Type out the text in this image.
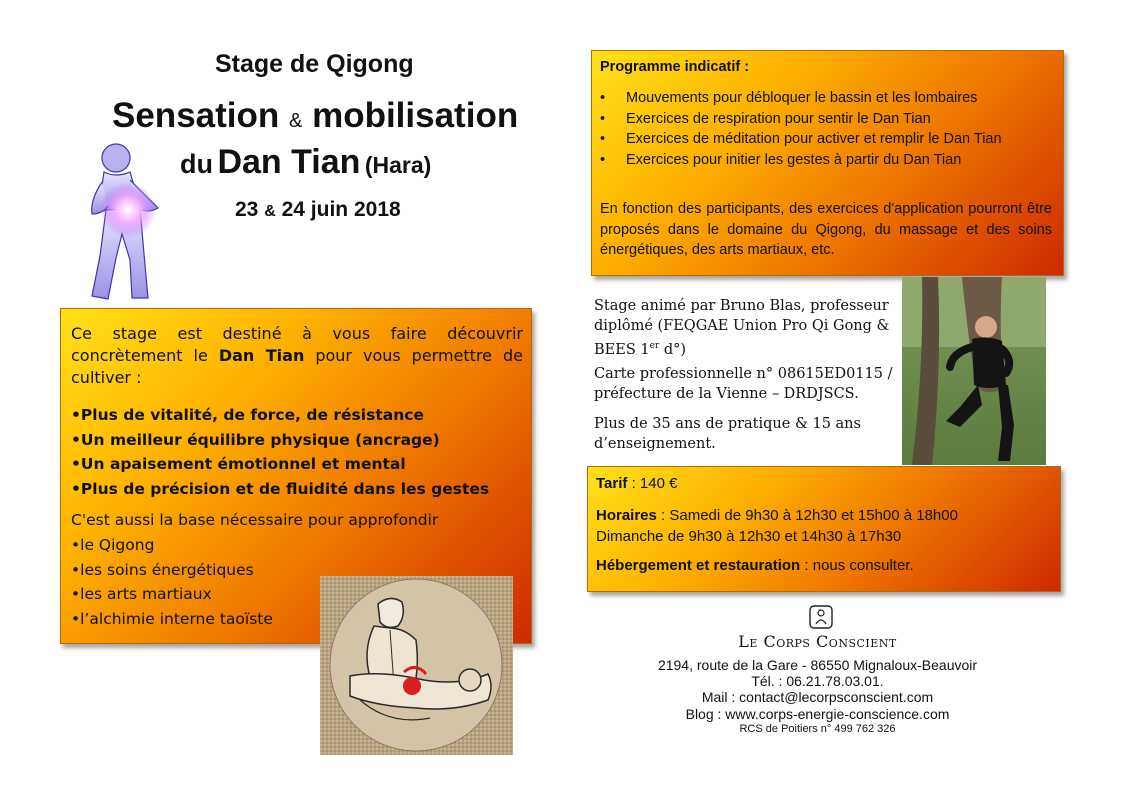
Stage de Qigong
Sensation & mobilisation
du Dan Tian (Hara)
23 & 24 juin 2018
Ce stage est destiné à vous faire découvrir concrètement le Dan Tian pour vous permettre de cultiver :
• Plus de vitalité, de force, de résistance
• Un meilleur équilibre physique (ancrage)
• Un apaisement émotionnel et mental
• Plus de précision et de fluidité dans les gestes
C'est aussi la base nécessaire pour approfondir
• le Qigong
• les soins énergétiques
• les arts martiaux
• l’alchimie interne taoïste
Programme indicatif :
• Mouvements pour débloquer le bassin et les lombaires
• Exercices de respiration pour sentir le Dan Tian
• Exercices de méditation pour activer et remplir le Dan Tian
• Exercices pour initier les gestes à partir du Dan Tian
En fonction des participants, des exercices d'application pourront être proposés dans le domaine du Qigong, du massage et des soins énergétiques, des arts martiaux, etc.
Stage animé par Bruno Blas, professeur diplômé (FEQGAE Union Pro Qi Gong & BEES 1er d°)
Carte professionnelle n° 08615ED0115 / préfecture de la Vienne – DRDJSCS.
Plus de 35 ans de pratique & 15 ans d’enseignement.
Tarif : 140 €
Horaires : Samedi de 9h30 à 12h30 et 15h00 à 18h00
Dimanche de 9h30 à 12h30 et 14h30 à 17h30
Hébergement et restauration : nous consulter.
Le Corps Conscient
2194, route de la Gare - 86550 Mignaloux-Beauvoir
Tél. : 06.21.78.03.01.
Mail : contact@lecorpsconscient.com
Blog : www.corps-energie-conscience.com
RCS de Poitiers n° 499 762 326
